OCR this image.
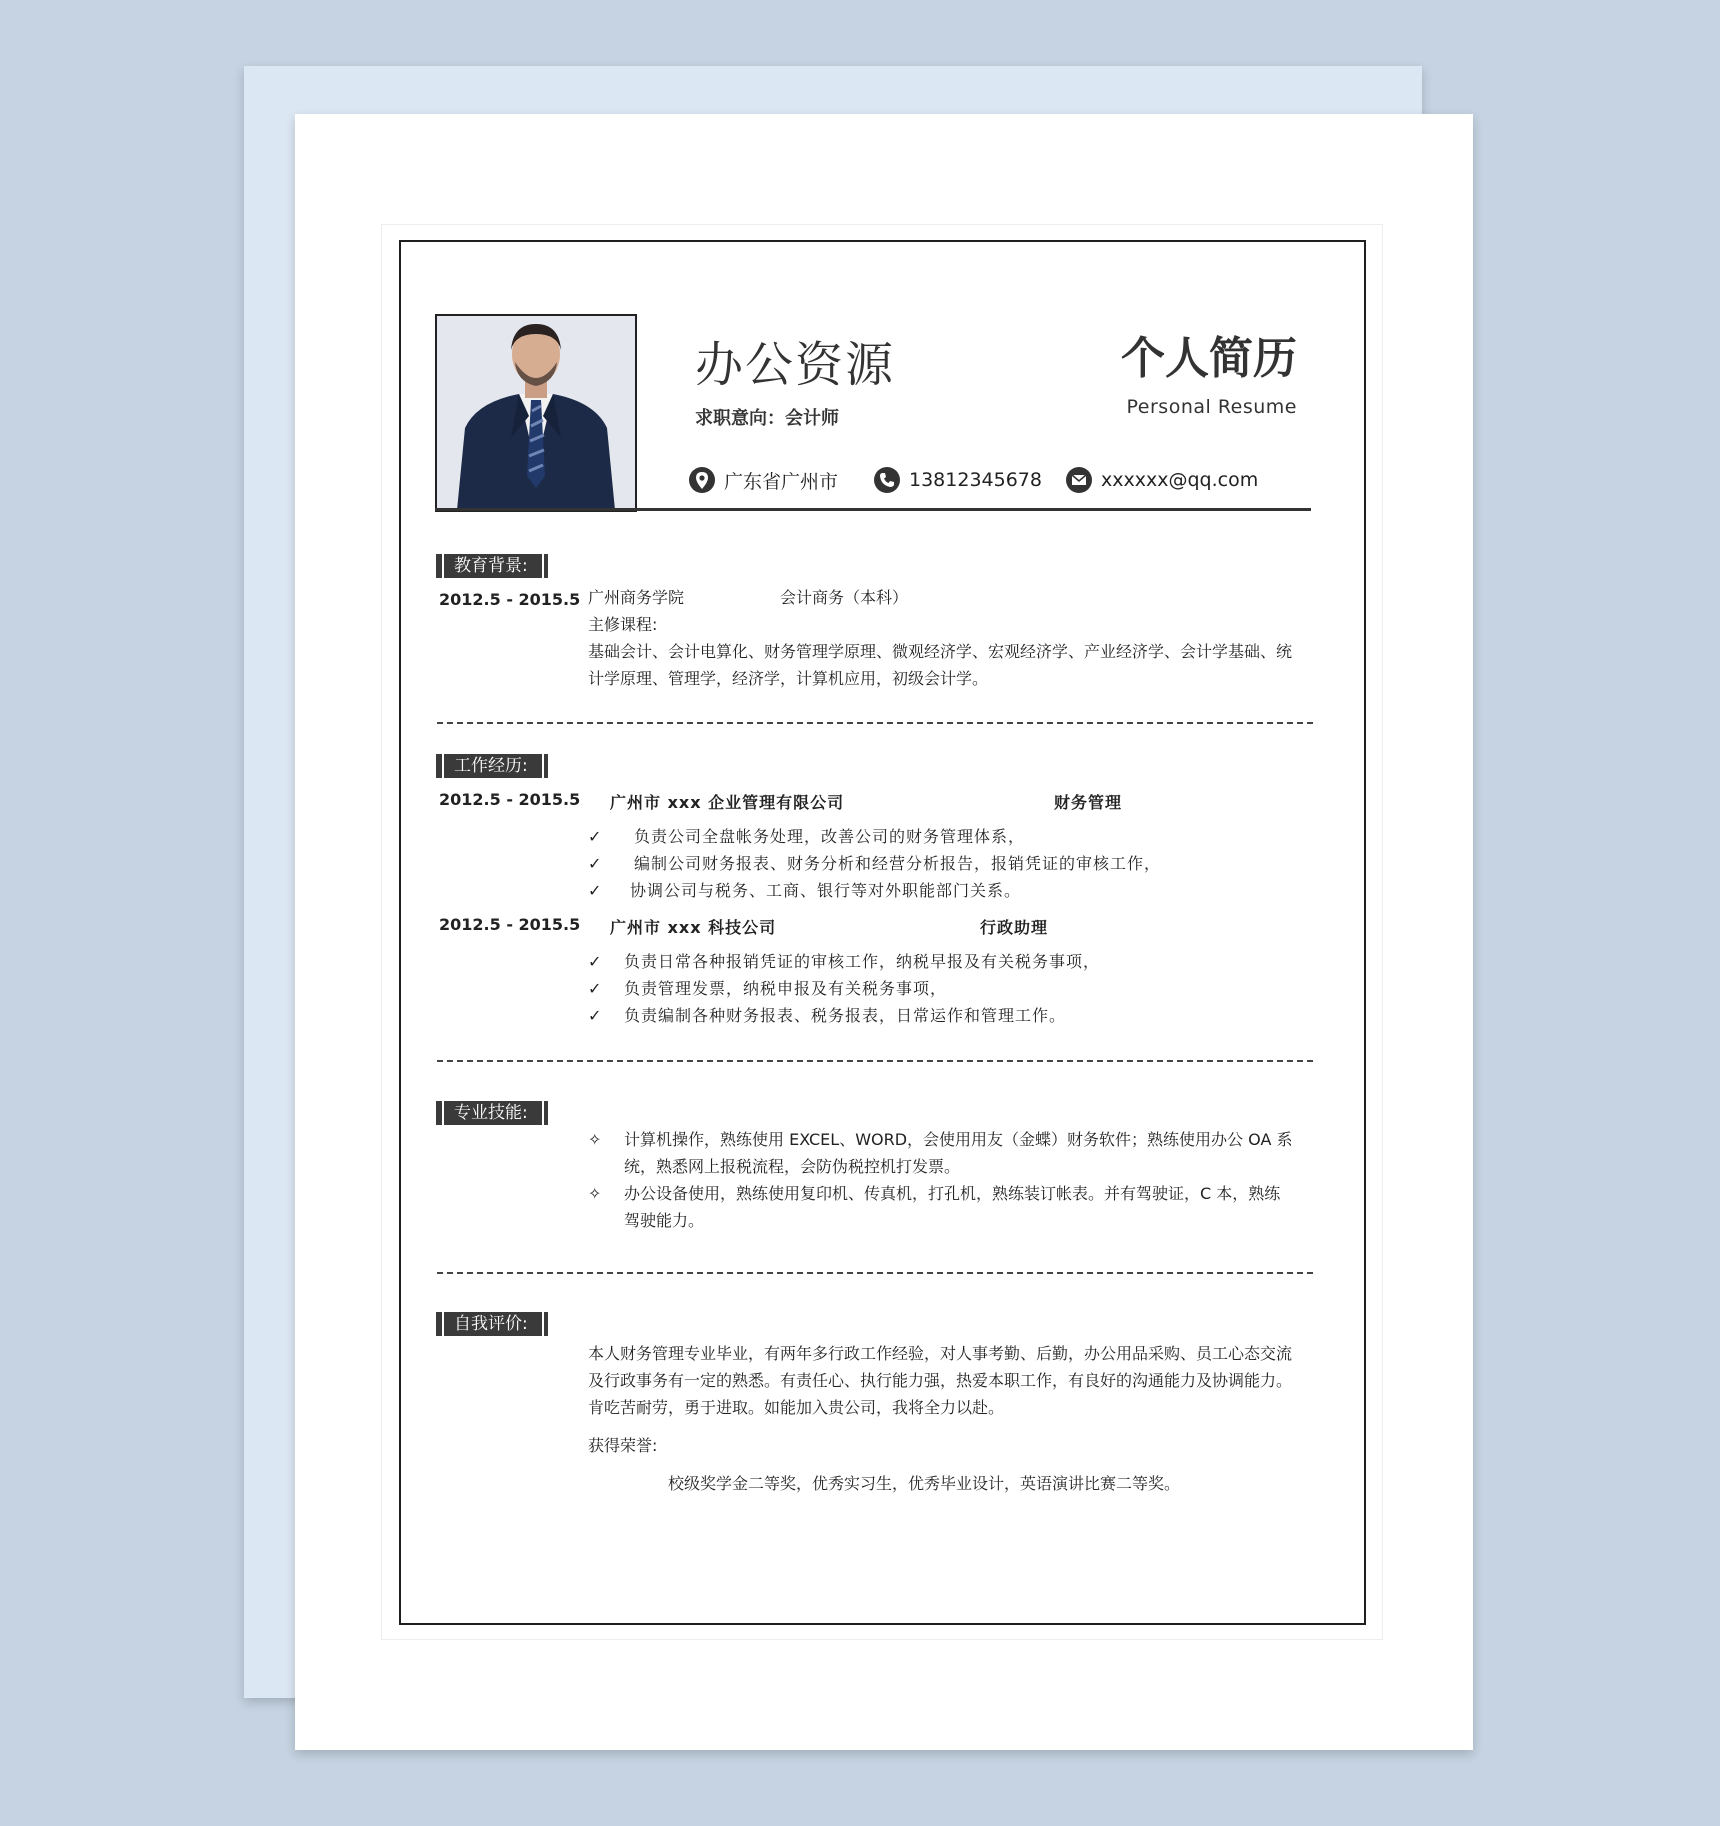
办公资源
求职意向：会计师
个人简历
Personal Resume
广东省广州市	13812345678	xxxxxx@qq.com
教育背景:
2012.5 - 2015.5 广州商务学院	会计商务（本科）
主修课程:
基础会计、会计电算化、财务管理学原理、微观经济学、宏观经济学、产业经济学、会计学基础、统
计学原理、管理学，经济学，计算机应用，初级会计学。
工作经历:
2012.5 - 2015.5 广州市 xxx 企业管理有限公司	财务管理
✓ 负责公司全盘帐务处理，改善公司的财务管理体系，
✓ 编制公司财务报表、财务分析和经营分析报告，报销凭证的审核工作，
✓ 协调公司与税务、工商、银行等对外职能部门关系。
2012.5 - 2015.5 广州市 xxx 科技公司	行政助理
✓ 负责日常各种报销凭证的审核工作，纳税早报及有关税务事项，
✓ 负责管理发票，纳税申报及有关税务事项，
✓ 负责编制各种财务报表、税务报表，日常运作和管理工作。
专业技能:
✧ 计算机操作，熟练使用 EXCEL、WORD，会使用用友（金蝶）财务软件；熟练使用办公 OA 系
统，熟悉网上报税流程，会防伪税控机打发票。
✧ 办公设备使用，熟练使用复印机、传真机，打孔机，熟练装订帐表。并有驾驶证，C 本，熟练
驾驶能力。
自我评价:
本人财务管理专业毕业，有两年多行政工作经验，对人事考勤、后勤，办公用品采购、员工心态交流
及行政事务有一定的熟悉。有责任心、执行能力强，热爱本职工作，有良好的沟通能力及协调能力。
肯吃苦耐劳，勇于进取。如能加入贵公司，我将全力以赴。
获得荣誉:
校级奖学金二等奖，优秀实习生，优秀毕业设计，英语演讲比赛二等奖。
